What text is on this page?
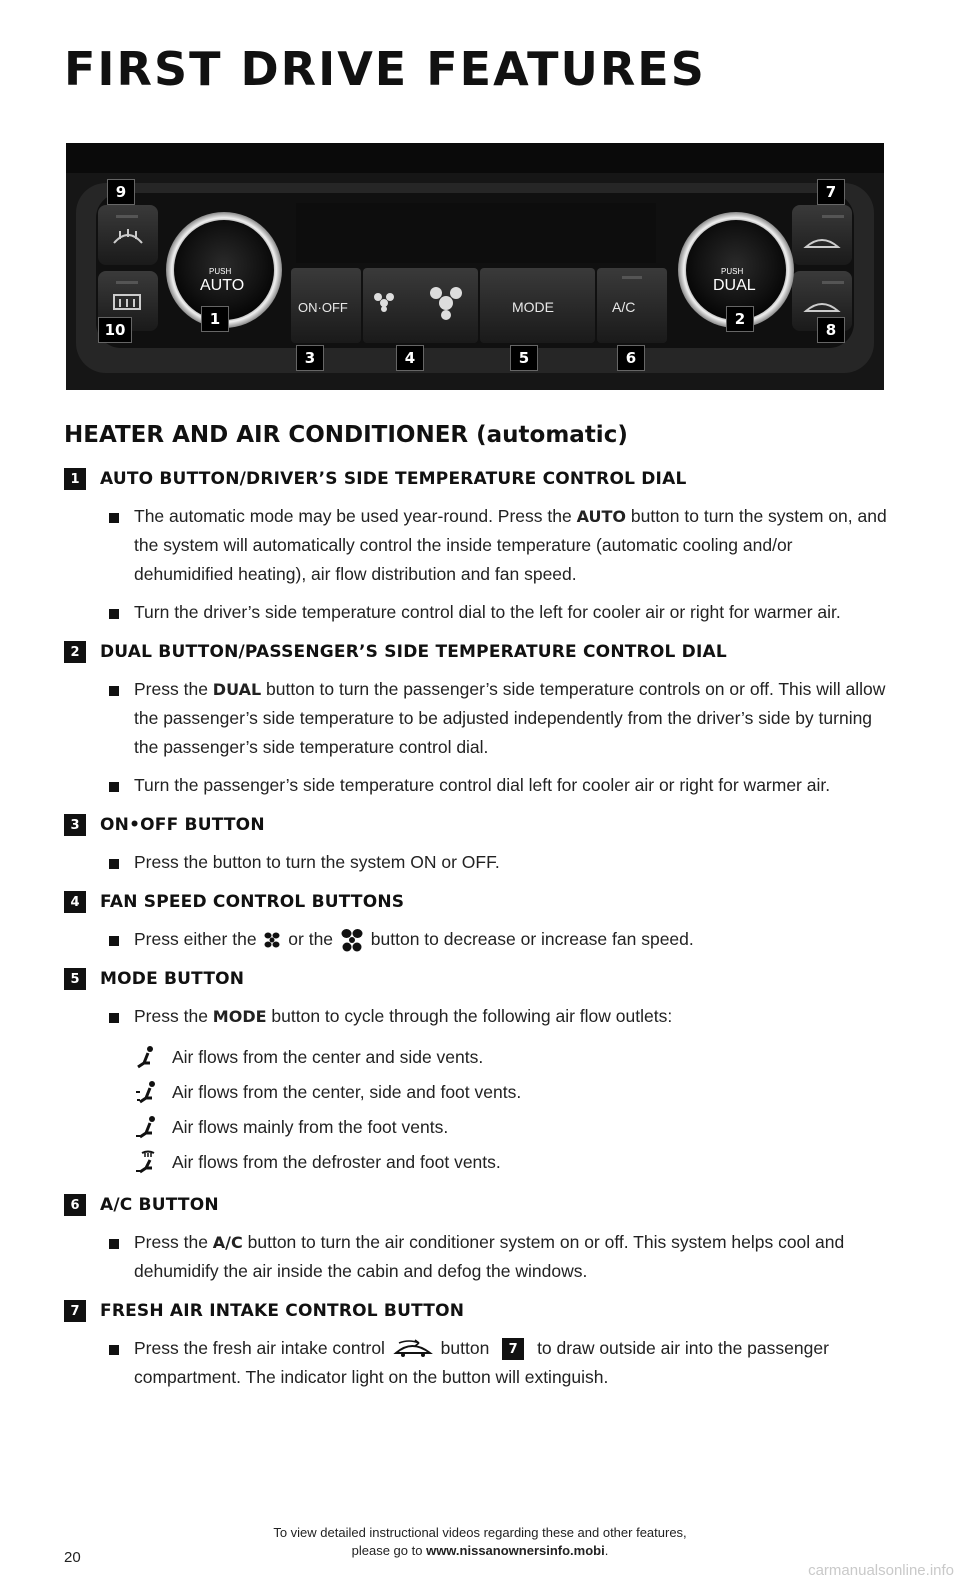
FIRST DRIVE FEATURES
PUSH
AUTO
PUSH
DUAL
ON·OFF	MODE	A/C
9	7
10
1	2
8
3	4	5	6
HEATER AND AIR CONDITIONER (automatic)
1	AUTO BUTTON/DRIVER’S SIDE TEMPERATURE CONTROL DIAL
The automatic mode may be used year-round. Press the AUTO button to turn the system on, and the system will automatically control the inside temperature (automatic cooling and/or dehumidified heating), air flow distribution and fan speed.
Turn the driver’s side temperature control dial to the left for cooler air or right for warmer air.
2	DUAL BUTTON/PASSENGER’S SIDE TEMPERATURE CONTROL DIAL
Press the DUAL button to turn the passenger’s side temperature controls on or off. This will allow the passenger’s side temperature to be adjusted independently from the driver’s side by turning the passenger’s side temperature control dial.
Turn the passenger’s side temperature control dial left for cooler air or right for warmer air.
3	ON•OFF BUTTON
Press the button to turn the system ON or OFF.
4	FAN SPEED CONTROL BUTTONS
Press either the  or the  button to decrease or increase fan speed.
5	MODE BUTTON
Press the MODE button to cycle through the following air flow outlets:
Air flows from the center and side vents.
Air flows from the center, side and foot vents.
Air flows mainly from the foot vents.
Air flows from the defroster and foot vents.
6	A/C BUTTON
Press the A/C button to turn the air conditioner system on or off. This system helps cool and dehumidify the air inside the cabin and defog the windows.
7	FRESH AIR INTAKE CONTROL BUTTON
Press the fresh air intake control	button 7 to draw outside air into the passenger compartment. The indicator light on the button will extinguish.
To view detailed instructional videos regarding these and other features,
please go to www.nissanownersinfo.mobi.
20
carmanualsonline.info
